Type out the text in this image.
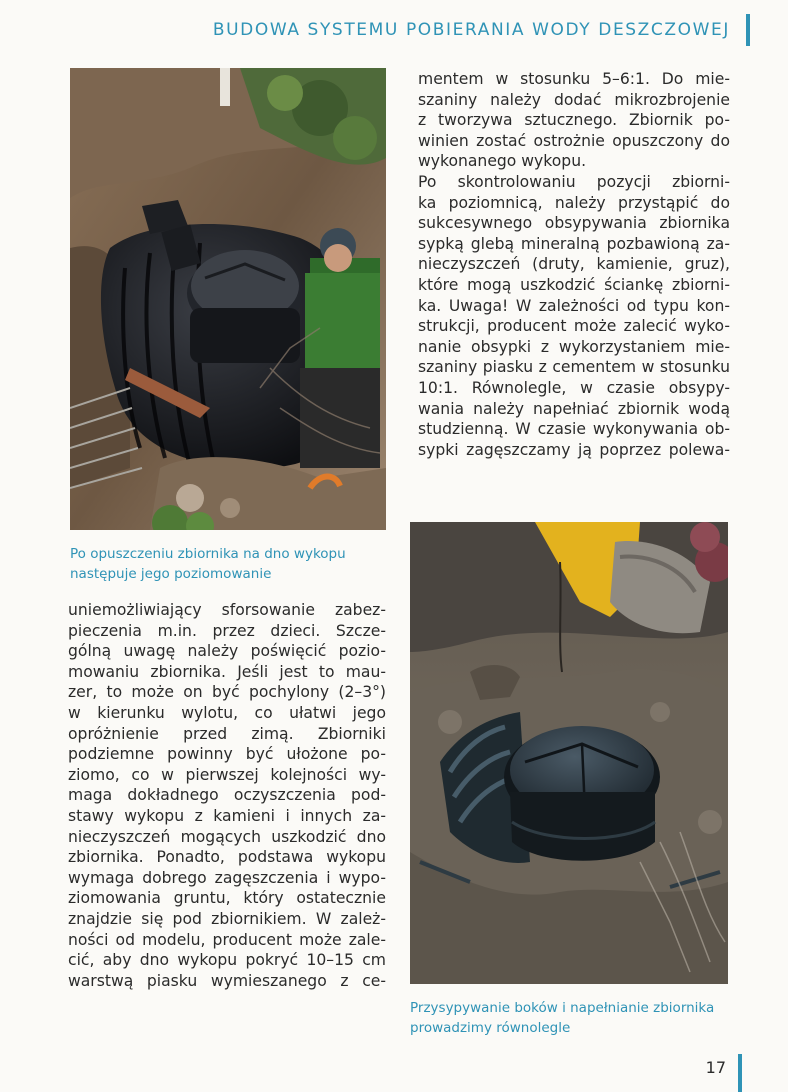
BUDOWA SYSTEMU POBIERANIA WODY DESZCZOWEJ
Po opuszczeniu zbiornika na dno wykopu następuje jego poziomowanie
Przysypywanie boków i napełnianie zbiornika prowadzimy równolegle
mentem w stosunku 5–6:1. Do mie-
szaniny należy dodać mikrozbrojenie
z tworzywa sztucznego. Zbiornik po-
winien zostać ostrożnie opuszczony do
wykonanego wykopu.
Po skontrolowaniu pozycji zbiorni-
ka poziomnicą, należy przystąpić do
sukcesywnego obsypywania zbiornika
sypką glebą mineralną pozbawioną za-
nieczyszczeń (druty, kamienie, gruz),
które mogą uszkodzić ściankę zbiorni-
ka. Uwaga! W zależności od typu kon-
strukcji, producent może zalecić wyko-
nanie obsypki z wykorzystaniem mie-
szaniny piasku z cementem w stosunku
10:1. Równolegle, w czasie obsypy-
wania należy napełniać zbiornik wodą
studzienną. W czasie wykonywania ob-
sypki zagęszczamy ją poprzez polewa-
uniemożliwiający sforsowanie zabez-
pieczenia m.in. przez dzieci. Szcze-
gólną uwagę należy poświęcić pozio-
mowaniu zbiornika. Jeśli jest to mau-
zer, to może on być pochylony (2–3°)
w kierunku wylotu, co ułatwi jego
opróżnienie przed zimą. Zbiorniki
podziemne powinny być ułożone po-
ziomo, co w pierwszej kolejności wy-
maga dokładnego oczyszczenia pod-
stawy wykopu z kamieni i innych za-
nieczyszczeń mogących uszkodzić dno
zbiornika. Ponadto, podstawa wykopu
wymaga dobrego zagęszczenia i wypo-
ziomowania gruntu, który ostatecznie
znajdzie się pod zbiornikiem. W zależ-
ności od modelu, producent może zale-
cić, aby dno wykopu pokryć 10–15 cm
warstwą piasku wymieszanego z ce-
17
